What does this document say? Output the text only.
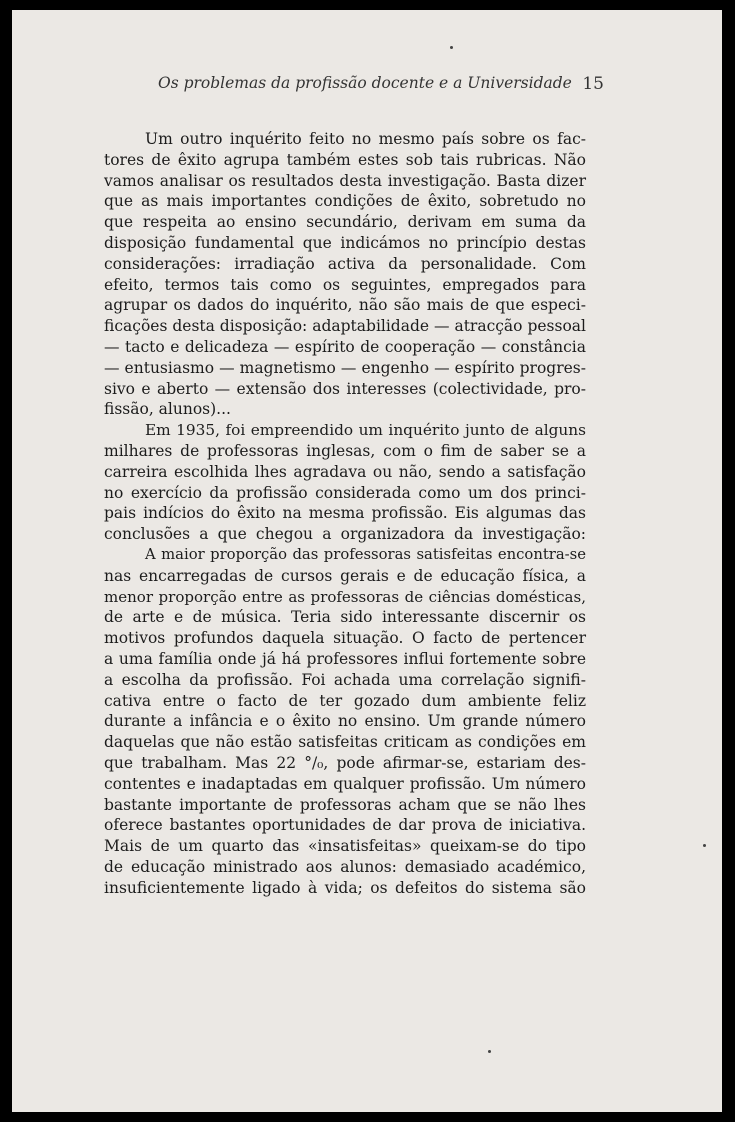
Os problemas da profissão docente e a Universidade 15
Um outro inquérito feito no mesmo país sobre os fac-
tores de êxito agrupa também estes sob tais rubricas. Não
vamos analisar os resultados desta investigação. Basta dizer
que as mais importantes condições de êxito, sobretudo no
que respeita ao ensino secundário, derivam em suma da
disposição fundamental que indicámos no princípio destas
considerações: irradiação activa da personalidade. Com
efeito, termos tais como os seguintes, empregados para
agrupar os dados do inquérito, não são mais de que especi-
ficações desta disposição: adaptabilidade — atracção pessoal
— tacto e delicadeza — espírito de cooperação — constância
— entusiasmo — magnetismo — engenho — espírito progres-
sivo e aberto — extensão dos interesses (colectividade, pro-
fissão, alunos)...
Em 1935, foi empreendido um inquérito junto de alguns
milhares de professoras inglesas, com o fim de saber se a
carreira escolhida lhes agradava ou não, sendo a satisfação
no exercício da profissão considerada como um dos princi-
pais indícios do êxito na mesma profissão. Eis algumas das
conclusões a que chegou a organizadora da investigação:
A maior proporção das professoras satisfeitas encontra-se
nas encarregadas de cursos gerais e de educação física, a
menor proporção entre as professoras de ciências domésticas,
de arte e de música. Teria sido interessante discernir os
motivos profundos daquela situação. O facto de pertencer
a uma família onde já há professores influi fortemente sobre
a escolha da profissão. Foi achada uma correlação signifi-
cativa entre o facto de ter gozado dum ambiente feliz
durante a infância e o êxito no ensino. Um grande número
daquelas que não estão satisfeitas criticam as condições em
que trabalham. Mas 22 °/₀, pode afirmar-se, estariam des-
contentes e inadaptadas em qualquer profissão. Um número
bastante importante de professoras acham que se não lhes
oferece bastantes oportunidades de dar prova de iniciativa.
Mais de um quarto das «insatisfeitas» queixam-se do tipo
de educação ministrado aos alunos: demasiado académico,
insuficientemente ligado à vida; os defeitos do sistema são
